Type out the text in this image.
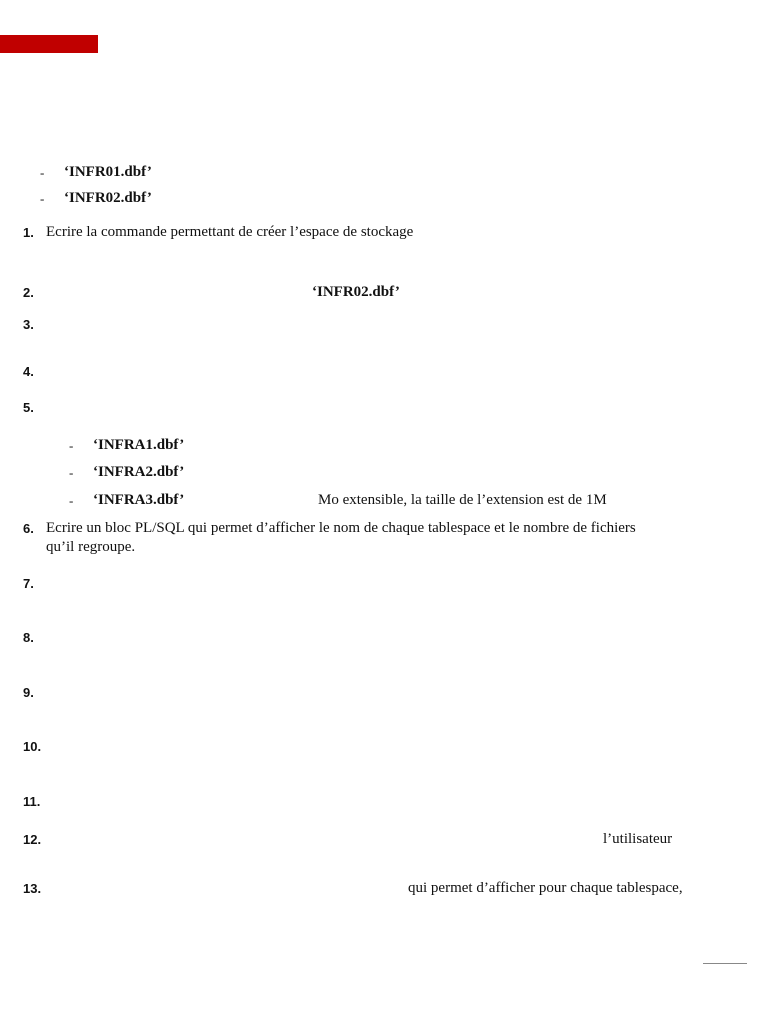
- ‘INFR01.dbf’
- ‘INFR02.dbf’
1. Ecrire la commande permettant de créer l’espace de stockage
2.	‘INFR02.dbf’
3.
4.
5.
- ‘INFRA1.dbf’
- ‘INFRA2.dbf’
- ‘INFRA3.dbf’	Mo extensible, la taille de l’extension est de 1M
6. Ecrire un bloc PL/SQL qui permet d’afficher le nom de chaque tablespace et le nombre de fichiers
qu’il regroupe.
7.
8.
9.
10.
11.
12.	l’utilisateur
13.	qui permet d’afficher pour chaque tablespace,
